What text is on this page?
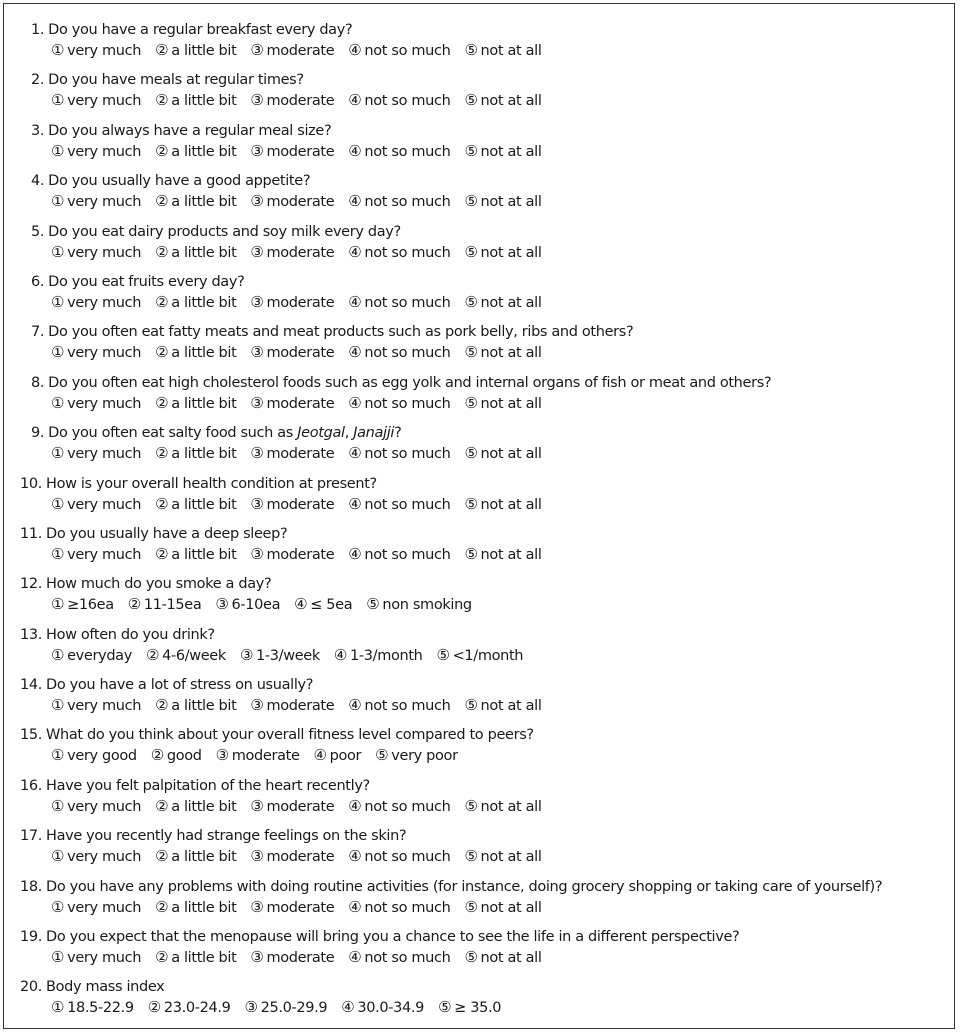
1. Do you have a regular breakfast every day?
① very much ② a little bit ③ moderate ④ not so much ⑤ not at all
2. Do you have meals at regular times?
① very much ② a little bit ③ moderate ④ not so much ⑤ not at all
3. Do you always have a regular meal size?
① very much ② a little bit ③ moderate ④ not so much ⑤ not at all
4. Do you usually have a good appetite?
① very much ② a little bit ③ moderate ④ not so much ⑤ not at all
5. Do you eat dairy products and soy milk every day?
① very much ② a little bit ③ moderate ④ not so much ⑤ not at all
6. Do you eat fruits every day?
① very much ② a little bit ③ moderate ④ not so much ⑤ not at all
7. Do you often eat fatty meats and meat products such as pork belly, ribs and others?
① very much ② a little bit ③ moderate ④ not so much ⑤ not at all
8. Do you often eat high cholesterol foods such as egg yolk and internal organs of fish or meat and others?
① very much ② a little bit ③ moderate ④ not so much ⑤ not at all
9. Do you often eat salty food such as Jeotgal, Janajji?
① very much ② a little bit ③ moderate ④ not so much ⑤ not at all
10. How is your overall health condition at present?
① very much ② a little bit ③ moderate ④ not so much ⑤ not at all
11. Do you usually have a deep sleep?
① very much ② a little bit ③ moderate ④ not so much ⑤ not at all
12. How much do you smoke a day?
① ≥16ea ② 11-15ea ③ 6-10ea ④ ≤ 5ea ⑤ non smoking
13. How often do you drink?
① everyday ② 4-6/week ③ 1-3/week ④ 1-3/month ⑤ <1/month
14. Do you have a lot of stress on usually?
① very much ② a little bit ③ moderate ④ not so much ⑤ not at all
15. What do you think about your overall fitness level compared to peers?
① very good ② good ③ moderate ④ poor ⑤ very poor
16. Have you felt palpitation of the heart recently?
① very much ② a little bit ③ moderate ④ not so much ⑤ not at all
17. Have you recently had strange feelings on the skin?
① very much ② a little bit ③ moderate ④ not so much ⑤ not at all
18. Do you have any problems with doing routine activities (for instance, doing grocery shopping or taking care of yourself)?
① very much ② a little bit ③ moderate ④ not so much ⑤ not at all
19. Do you expect that the menopause will bring you a chance to see the life in a different perspective?
① very much ② a little bit ③ moderate ④ not so much ⑤ not at all
20. Body mass index
① 18.5-22.9 ② 23.0-24.9 ③ 25.0-29.9 ④ 30.0-34.9 ⑤ ≥ 35.0
